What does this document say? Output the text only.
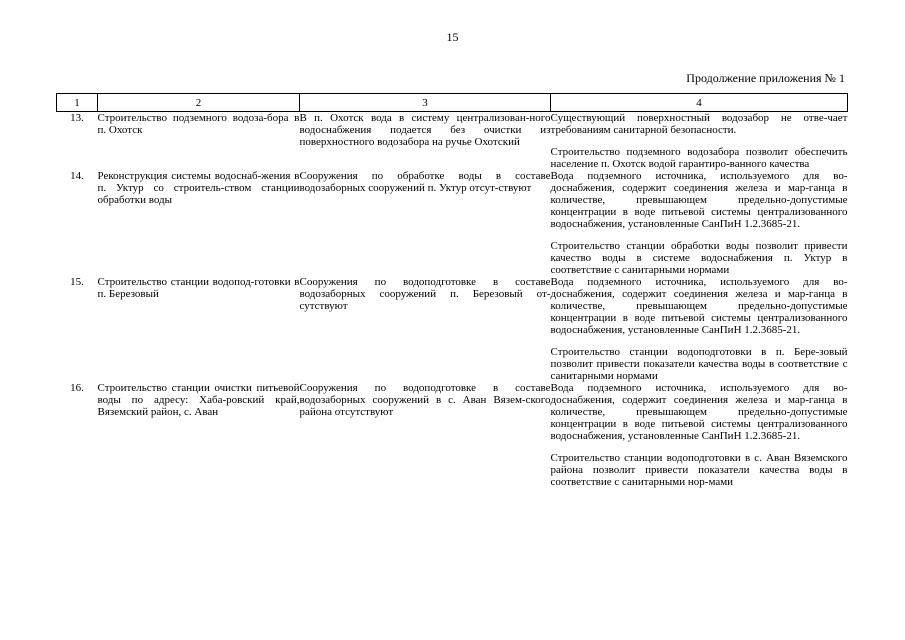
15
Продолжение приложения № 1
1	2	3	4
13.	Строительство подземного водоза-бора в п. Охотск	В п. Охотск вода в систему централизован-ного водоснабжения подается без очистки из поверхностного водозабора на ручье Охотский	Существующий поверхностный водозабор не отве-чает требованиям санитарной безопасности.

Строительство подземного водозабора позволит обеспечить население п. Охотск водой гарантиро-ванного качества

14.	Реконструкция системы водоснаб-жения в п. Уктур со строитель-ством станции обработки воды	Сооружения по обработке воды в составе водозаборных сооружений п. Уктур отсут-ствуют	Вода подземного источника, используемого для во-доснабжения, содержит соединения железа и мар-ганца в количестве, превышающем предельно-допустимые концентрации в воде питьевой системы централизованного водоснабжения, установленные СанПиН 1.2.3685-21.

Строительство станции обработки воды позволит привести качество воды в системе водоснабжения п. Уктур в соответствие с санитарными нормами

15.	Строительство станции водопод-готовки в п. Березовый	Сооружения по водоподготовке в составе водозаборных сооружений п. Березовый от-сутствуют	Вода подземного источника, используемого для во-доснабжения, содержит соединения железа и мар-ганца в количестве, превышающем предельно-допустимые концентрации в воде питьевой системы централизованного водоснабжения, установленные СанПиН 1.2.3685-21.

Строительство станции водоподготовки в п. Бере-зовый позволит привести показатели качества воды в соответствие с санитарными нормами

16.	Строительство станции очистки питьевой воды по адресу: Хаба-ровский край, Вяземский район, с. Аван	Сооружения по водоподготовке в составе водозаборных сооружений в с. Аван Вязем-ского района отсутствуют	Вода подземного источника, используемого для во-доснабжения, содержит соединения железа и мар-ганца в количестве, превышающем предельно-допустимые концентрации в воде питьевой системы централизованного водоснабжения, установленные СанПиН 1.2.3685-21.

Строительство станции водоподготовки в с. Аван Вяземского района позволит привести показатели качества воды в соответствие с санитарными нор-мами
